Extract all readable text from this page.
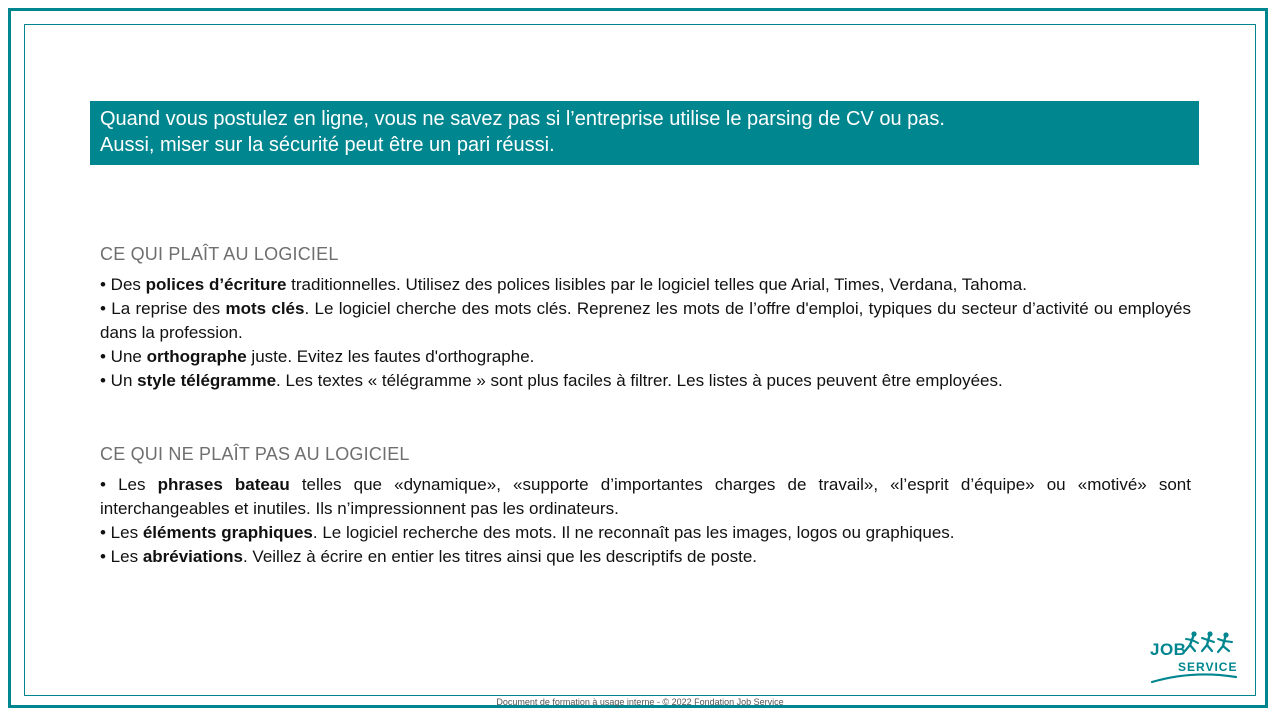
Quand vous postulez en ligne, vous ne savez pas si l’entreprise utilise le parsing de CV ou pas.
Aussi, miser sur la sécurité peut être un pari réussi.
CE QUI PLAÎT AU LOGICIEL
• Des polices d’écriture traditionnelles. Utilisez des polices lisibles par le logiciel telles que Arial, Times, Verdana, Tahoma.
• La reprise des mots clés. Le logiciel cherche des mots clés. Reprenez les mots de l’offre d'emploi, typiques du secteur d’activité ou employés dans la profession.
• Une orthographe juste. Evitez les fautes d'orthographe.
• Un style télégramme. Les textes « télégramme » sont plus faciles à filtrer. Les listes à puces peuvent être employées.
CE QUI NE PLAÎT PAS AU LOGICIEL
• Les phrases bateau telles que «dynamique», «supporte d’importantes charges de travail», «l’esprit d’équipe» ou «motivé» sont interchangeables et inutiles. Ils n’impressionnent pas les ordinateurs.
• Les éléments graphiques. Le logiciel recherche des mots. Il ne reconnaît pas les images, logos ou graphiques.
• Les abréviations. Veillez à écrire en entier les titres ainsi que les descriptifs de poste.
JOB
SERVICE
Document de formation à usage interne - © 2022 Fondation Job Service
